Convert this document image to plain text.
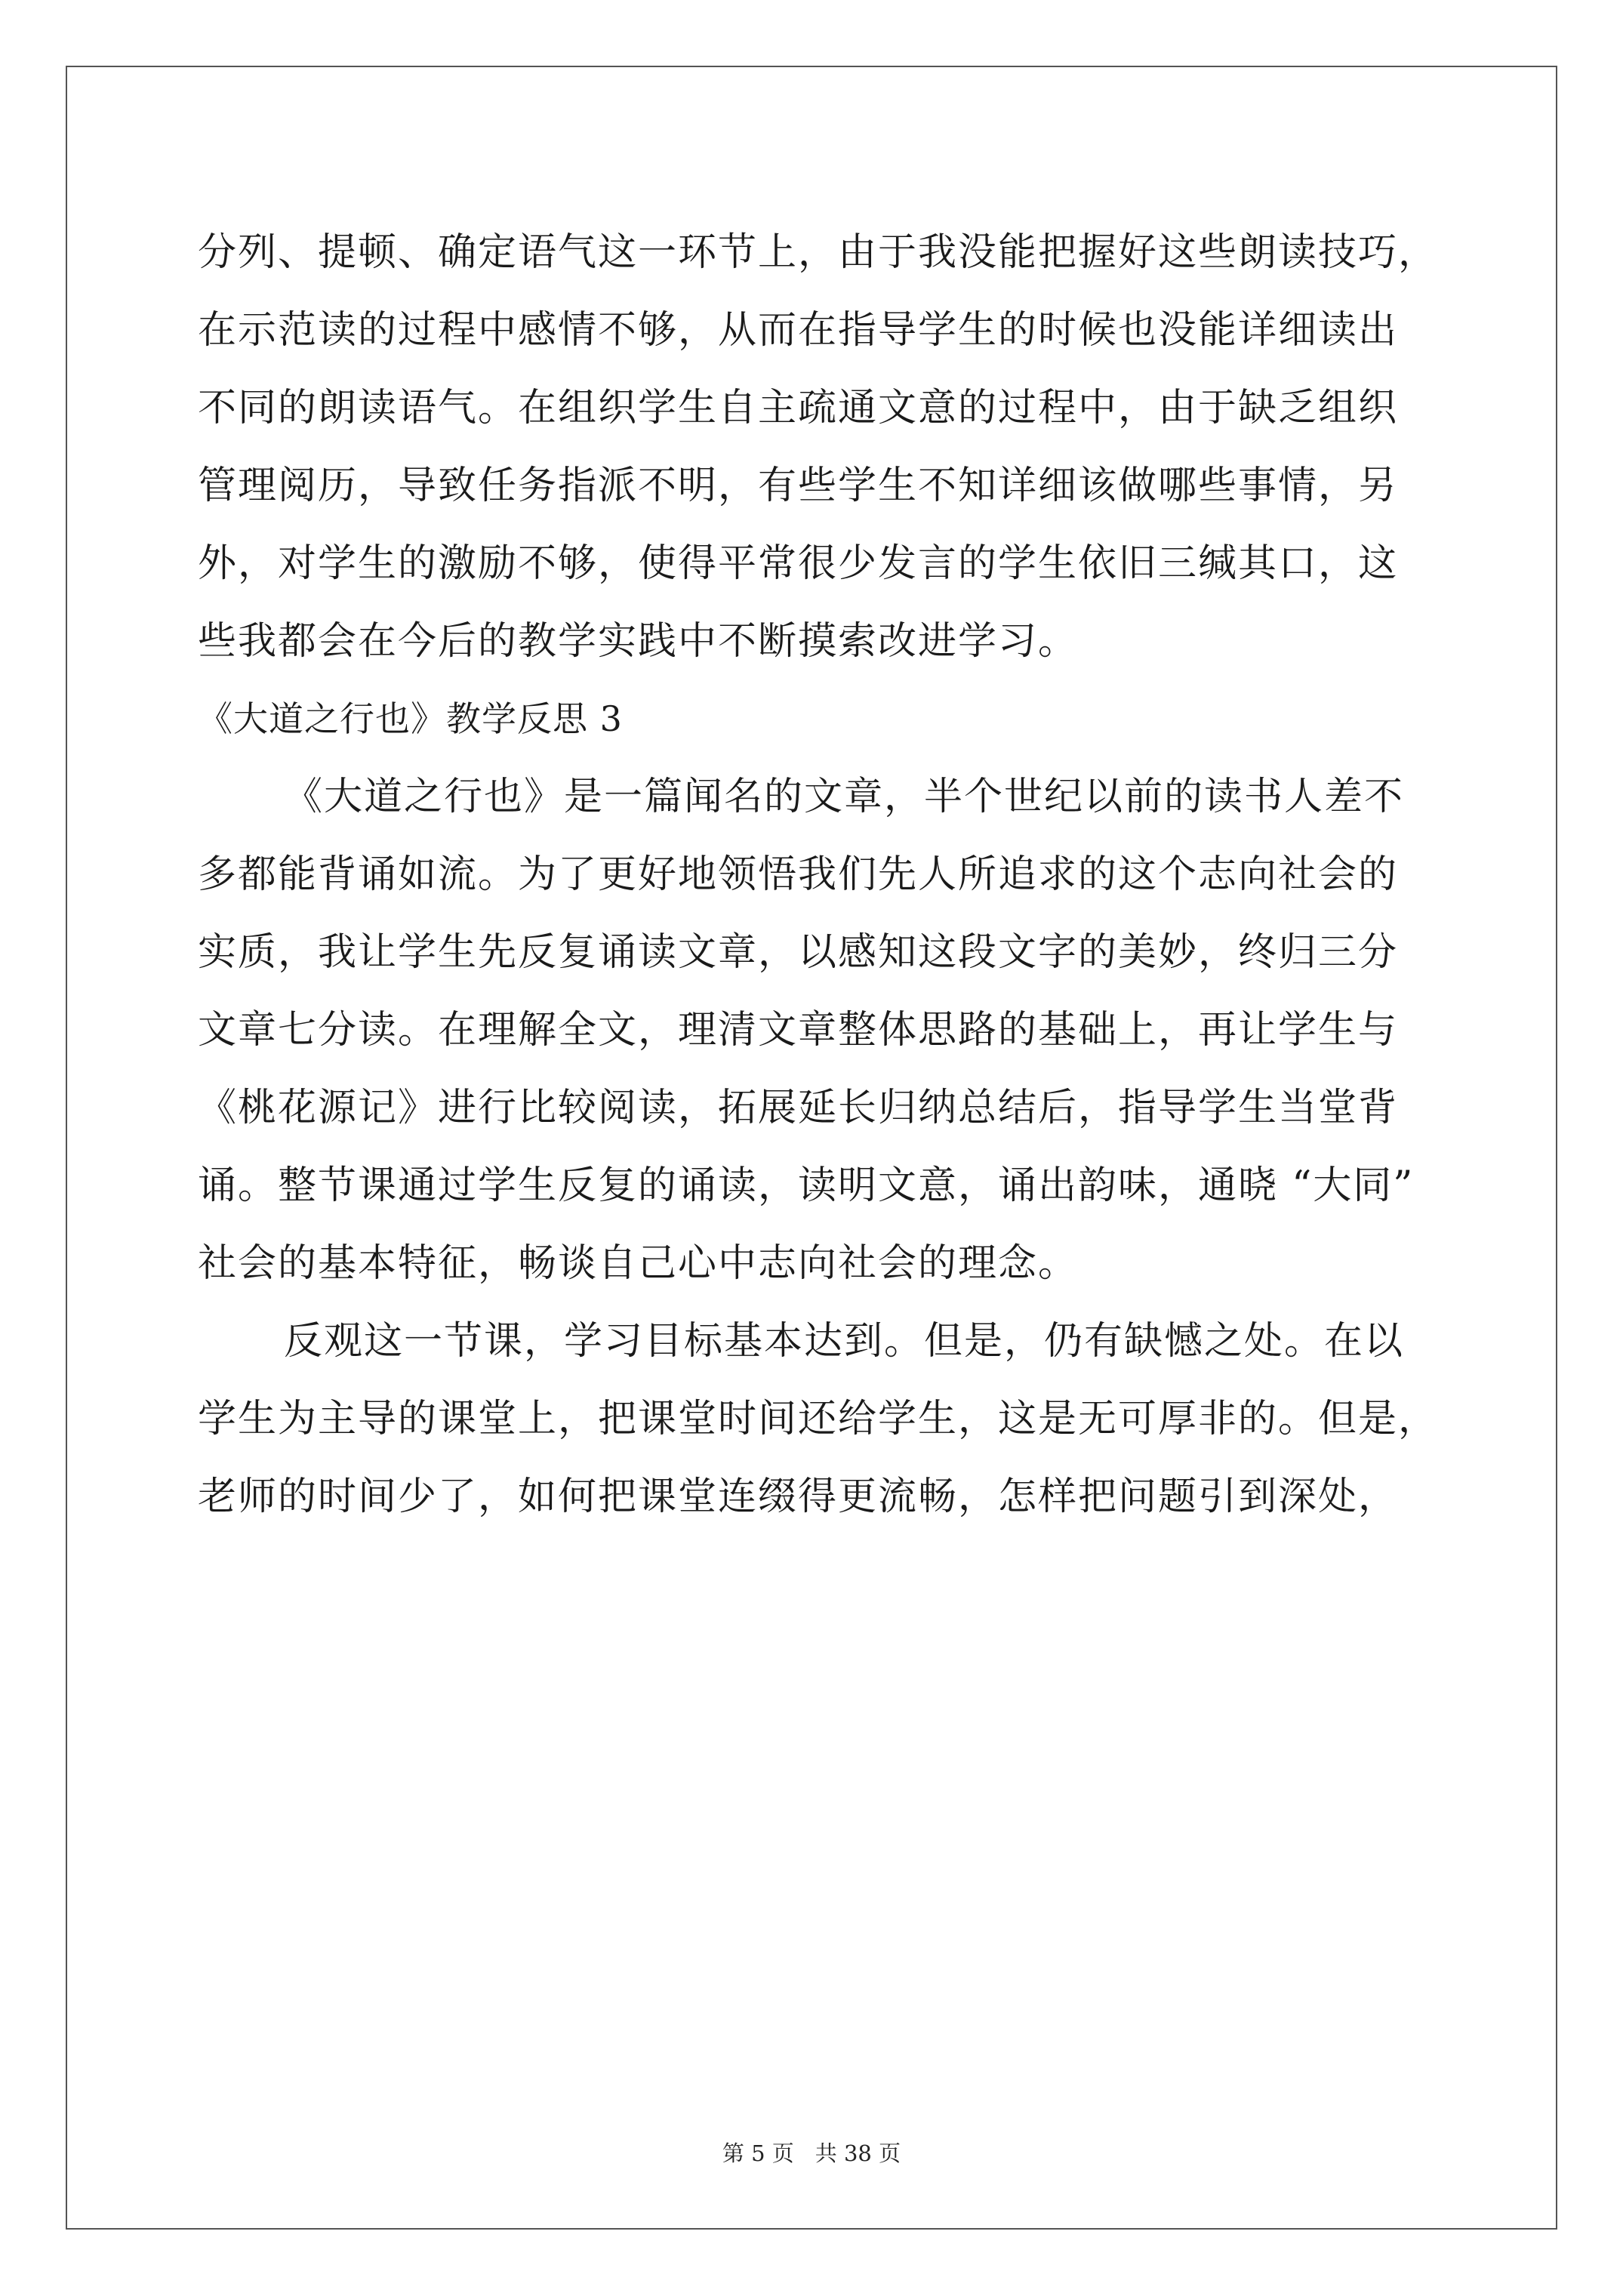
分列、提顿、确定语气这一环节上，由于我没能把握好这些朗读技巧，
在示范读的过程中感情不够，从而在指导学生的时候也没能详细读出
不同的朗读语气。在组织学生自主疏通文意的过程中，由于缺乏组织
管理阅历，导致任务指派不明，有些学生不知详细该做哪些事情，另
外，对学生的激励不够，使得平常很少发言的学生依旧三缄其口，这
些我都会在今后的教学实践中不断摸索改进学习。
《大道之行也》教学反思 3
《大道之行也》是一篇闻名的文章，半个世纪以前的读书人差不
多都能背诵如流。为了更好地领悟我们先人所追求的这个志向社会的
实质，我让学生先反复诵读文章，以感知这段文字的美妙，终归三分
文章七分读。在理解全文，理清文章整体思路的基础上，再让学生与
《桃花源记》进行比较阅读，拓展延长归纳总结后，指导学生当堂背
诵。整节课通过学生反复的诵读，读明文意，诵出韵味，通晓 “大同”
社会的基本特征，畅谈自己心中志向社会的理念。
反观这一节课，学习目标基本达到。但是，仍有缺憾之处。在以
学生为主导的课堂上，把课堂时间还给学生，这是无可厚非的。但是，
老师的时间少了，如何把课堂连缀得更流畅，怎样把问题引到深处，
第 5 页 共 38 页
